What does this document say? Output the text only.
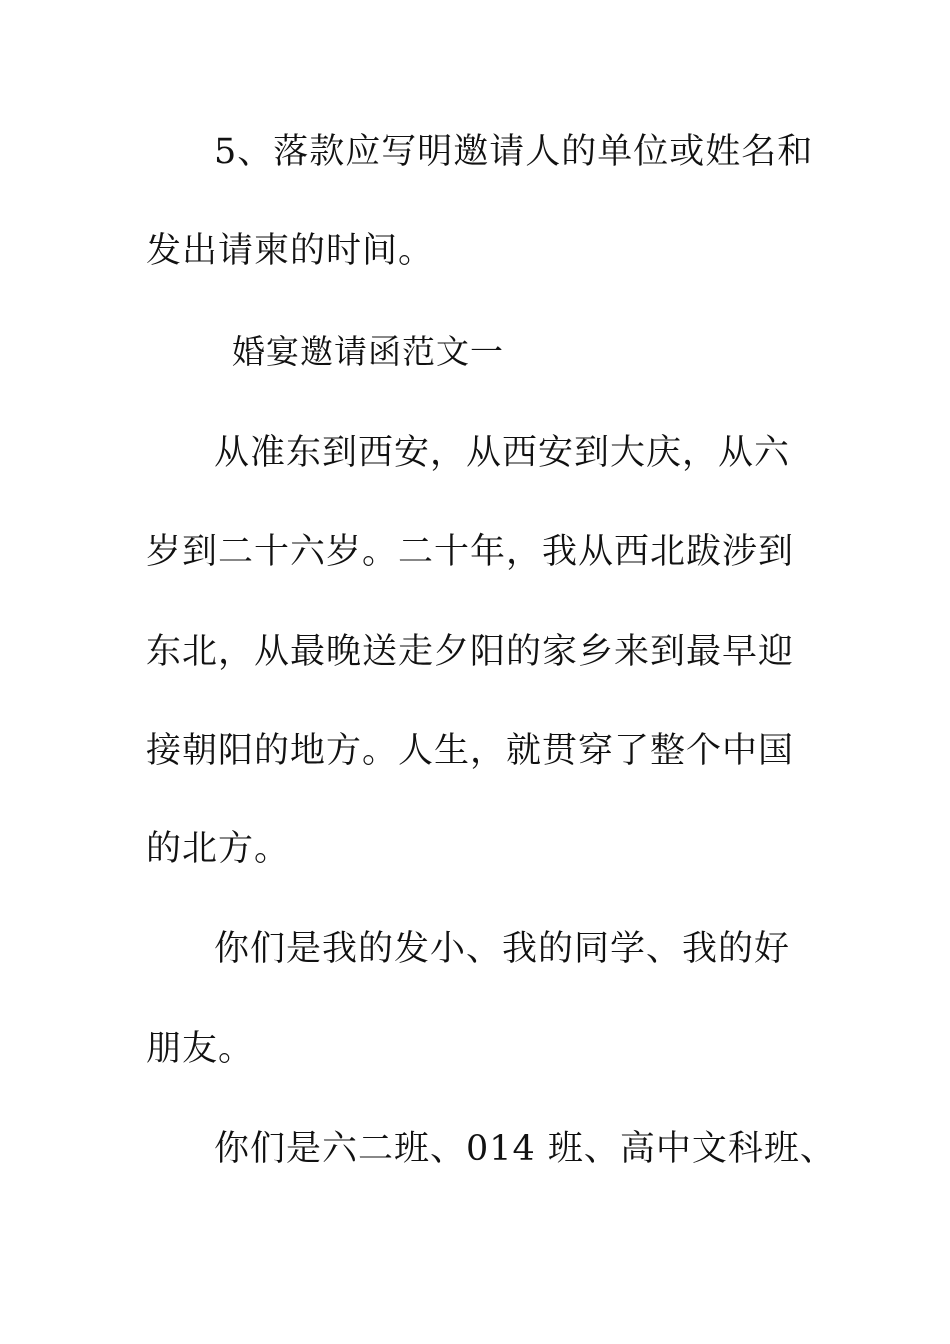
5、落款应写明邀请人的单位或姓名和
发出请柬的时间。
婚宴邀请函范文一
从准东到西安，从西安到大庆，从六
岁到二十六岁。二十年，我从西北跋涉到
东北，从最晚送走夕阳的家乡来到最早迎
接朝阳的地方。人生，就贯穿了整个中国
的北方。
你们是我的发小、我的同学、我的好
朋友。
你们是六二班、014 班、高中文科班、
